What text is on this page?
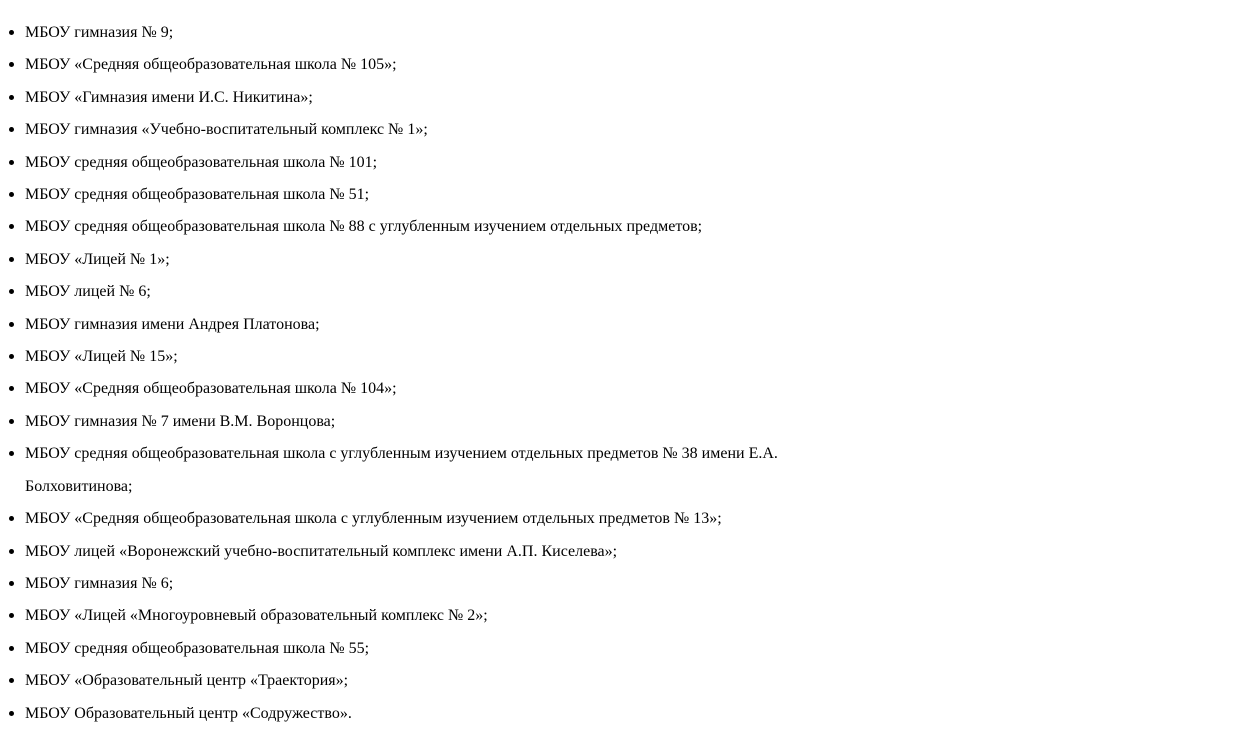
МБОУ гимназия № 9;
МБОУ «Средняя общеобразовательная школа № 105»;
МБОУ «Гимназия имени И.С. Никитина»;
МБОУ гимназия «Учебно-воспитательный комплекс № 1»;
МБОУ средняя общеобразовательная школа № 101;
МБОУ средняя общеобразовательная школа № 51;
МБОУ средняя общеобразовательная школа № 88 с углубленным изучением отдельных предметов;
МБОУ «Лицей № 1»;
МБОУ лицей № 6;
МБОУ гимназия имени Андрея Платонова;
МБОУ «Лицей № 15»;
МБОУ «Средняя общеобразовательная школа № 104»;
МБОУ гимназия № 7 имени В.М. Воронцова;
МБОУ средняя общеобразовательная школа с углубленным изучением отдельных предметов № 38 имени Е.А. Болховитинова;
МБОУ «Средняя общеобразовательная школа с углубленным изучением отдельных предметов № 13»;
МБОУ лицей «Воронежский учебно-воспитательный комплекс имени А.П. Киселева»;
МБОУ гимназия № 6;
МБОУ «Лицей «Многоуровневый образовательный комплекс № 2»;
МБОУ средняя общеобразовательная школа № 55;
МБОУ «Образовательный центр «Траектория»;
МБОУ Образовательный центр «Содружество».
